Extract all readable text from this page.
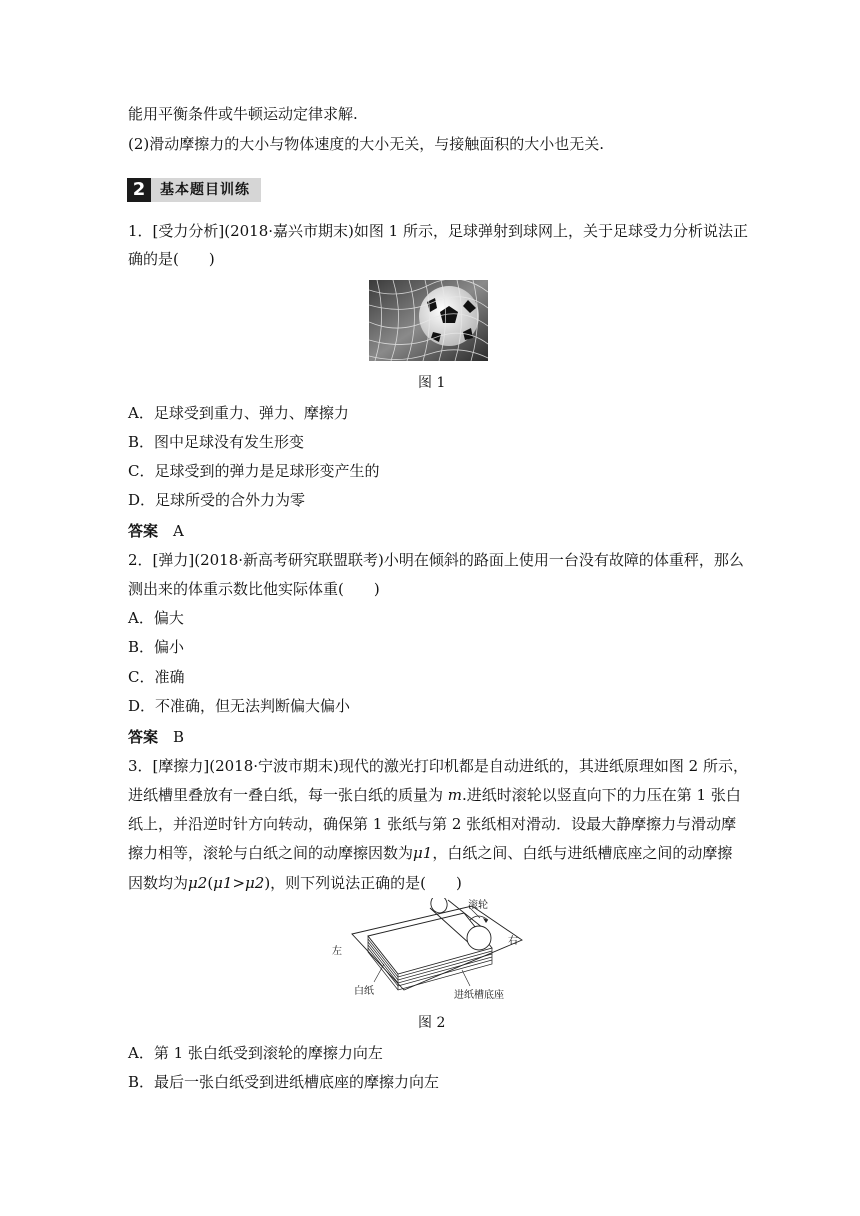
能用平衡条件或牛顿运动定律求解.
(2)滑动摩擦力的大小与物体速度的大小无关，与接触面积的大小也无关.
2	基本题目训练
1．[受力分析](2018·嘉兴市期末)如图 1 所示，足球弹射到球网上，关于足球受力分析说法正
确的是(　　)
图 1
A．足球受到重力、弹力、摩擦力
B．图中足球没有发生形变
C．足球受到的弹力是足球形变产生的
D．足球所受的合外力为零
答案　 A
2．[弹力](2018·新高考研究联盟联考)小明在倾斜的路面上使用一台没有故障的体重秤，那么
测出来的体重示数比他实际体重(　　)
A．偏大
B．偏小
C．准确
D．不准确，但无法判断偏大偏小
答案　 B
3．[摩擦力](2018·宁波市期末)现代的激光打印机都是自动进纸的，其进纸原理如图 2 所示，
进纸槽里叠放有一叠白纸，每一张白纸的质量为 m.进纸时滚轮以竖直向下的力压在第 1 张白
纸上，并沿逆时针方向转动，确保第 1 张纸与第 2 张纸相对滑动．设最大静摩擦力与滑动摩
擦力相等，滚轮与白纸之间的动摩擦因数为μ1，白纸之间、白纸与进纸槽底座之间的动摩擦
因数均为μ2(μ1>μ2)，则下列说法正确的是(　　)
滚轮
右
左
白纸	进纸槽底座
图 2
A．第 1 张白纸受到滚轮的摩擦力向左
B．最后一张白纸受到进纸槽底座的摩擦力向左
